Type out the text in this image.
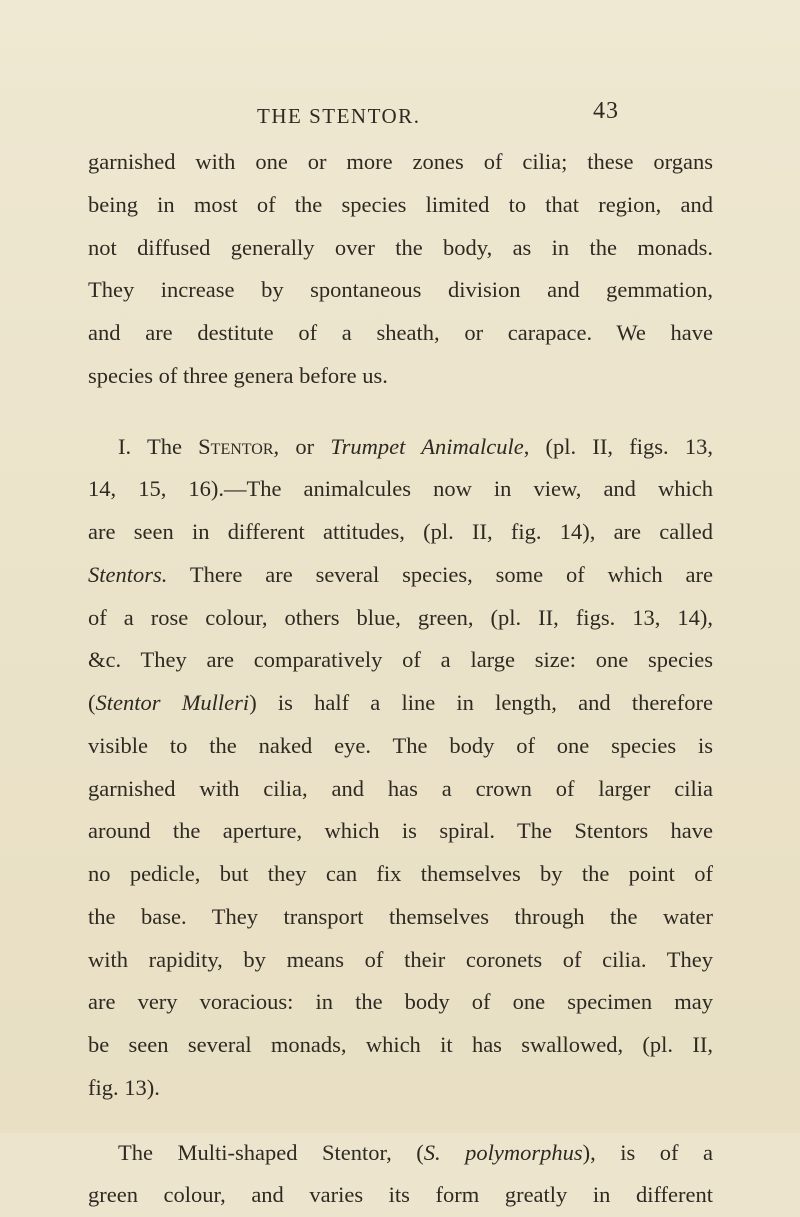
THE STENTOR.	43
garnished with one or more zones of cilia; these organs
being in most of the species limited to that region, and
not diffused generally over the body, as in the monads.
They increase by spontaneous division and gemmation,
and are destitute of a sheath, or carapace. We have
species of three genera before us.
I. The Stentor, or Trumpet Animalcule, (pl. II, figs. 13,
14, 15, 16).—The animalcules now in view, and which
are seen in different attitudes, (pl. II, fig. 14), are called
Stentors. There are several species, some of which are
of a rose colour, others blue, green, (pl. II, figs. 13, 14),
&c. They are comparatively of a large size: one species
(Stentor Mulleri) is half a line in length, and therefore
visible to the naked eye. The body of one species is
garnished with cilia, and has a crown of larger cilia
around the aperture, which is spiral. The Stentors have
no pedicle, but they can fix themselves by the point of
the base. They transport themselves through the water
with rapidity, by means of their coronets of cilia. They
are very voracious: in the body of one specimen may
be seen several monads, which it has swallowed, (pl. II,
fig. 13).
The Multi-shaped Stentor, (S. polymorphus), is of a
green colour, and varies its form greatly in different
